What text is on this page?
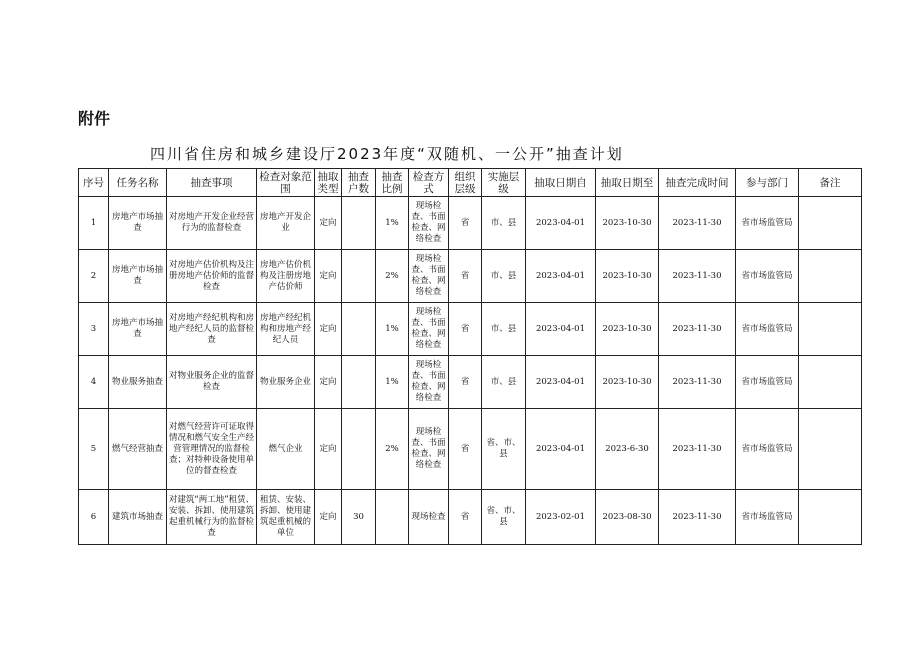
附件
四川省住房和城乡建设厅2023年度“双随机、一公开”抽查计划
序号	任务名称	抽查事项	检查对象范围	抽取类型	抽查户数	抽查比例	检查方式	组织层级	实施层级	抽取日期自	抽取日期至	抽查完成时间	参与部门	备注
1	房地产市场抽查	对房地产开发企业经营行为的监督检查	房地产开发企业	定向		1%	现场检查、书面检查、网络检查	省	市、县	2023-04-01	2023-10-30	2023-11-30	省市场监管局	
2	房地产市场抽查	对房地产估价机构及注册房地产估价师的监督检查	房地产估价机构及注册房地产估价师	定向		2%	现场检查、书面检查、网络检查	省	市、县	2023-04-01	2023-10-30	2023-11-30	省市场监管局	
3	房地产市场抽查	对房地产经纪机构和房地产经纪人员的监督检查	房地产经纪机构和房地产经纪人员	定向		1%	现场检查、书面检查、网络检查	省	市、县	2023-04-01	2023-10-30	2023-11-30	省市场监管局	
4	物业服务抽查	对物业服务企业的监督检查	物业服务企业	定向		1%	现场检查、书面检查、网络检查	省	市、县	2023-04-01	2023-10-30	2023-11-30	省市场监管局	
5	燃气经营抽查	对燃气经营许可证取得情况和燃气安全生产经营管理情况的监督检查；对特种设备使用单位的督查检查	燃气企业	定向		2%	现场检查、书面检查、网络检查	省	省、市、县	2023-04-01	2023-6-30	2023-11-30	省市场监管局	
6	建筑市场抽查	对建筑“两工地”租赁、安装、拆卸、使用建筑起重机械行为的监督检查	租赁、安装、拆卸、使用建筑起重机械的单位	定向	30		现场检查	省	省、市、县	2023-02-01	2023-08-30	2023-11-30	省市场监管局	
